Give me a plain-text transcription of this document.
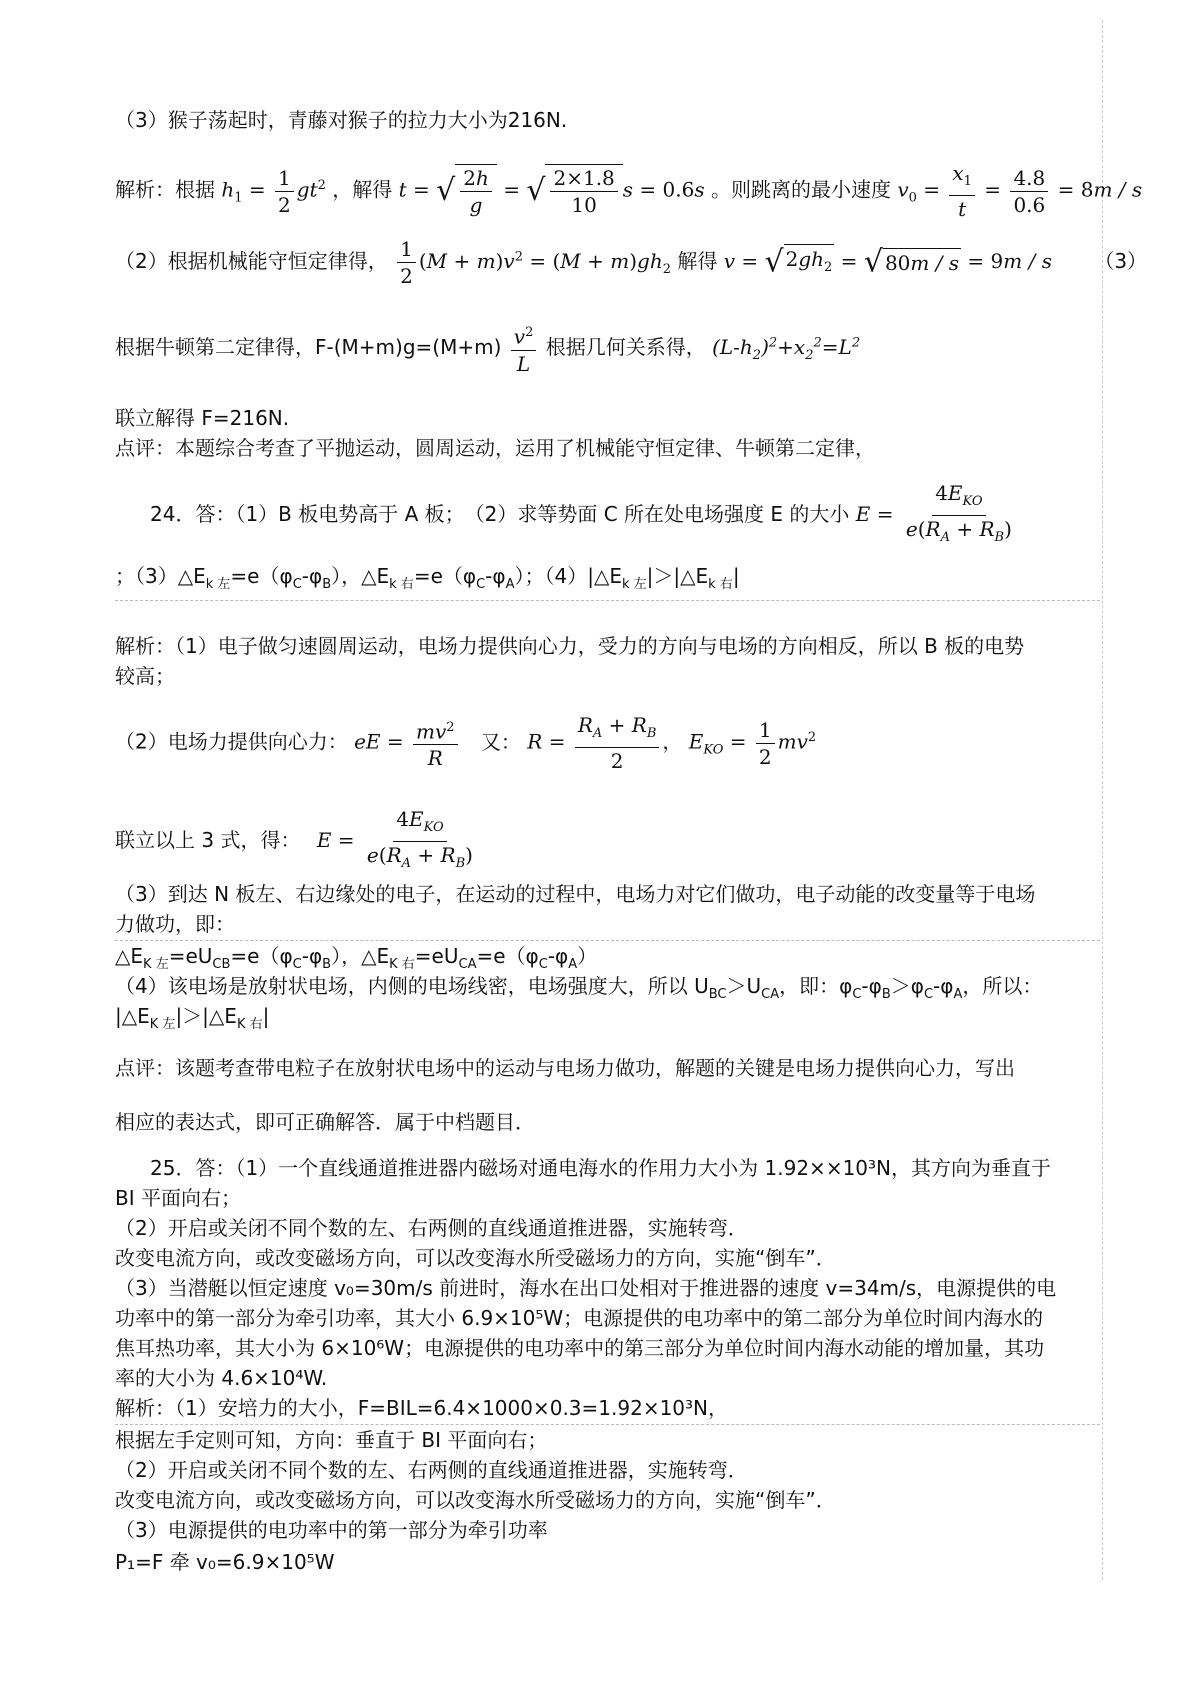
（3）猴子荡起时，青藤对猴子的拉力大小为216N.
解析：根据 $h_1 = \frac{1}{2} gt^2$ ，解得 t = √ $\frac{2h}{g}$ = √ $\frac{2\times 1.8}{10}$ s = 0.6s 。则跳离的最小速度 $v_0 = \frac{x_1}{t} = \frac{4.8}{0.6} = 8m / s$
（2）根据机械能守恒定律得， $\frac{1}{2} (M + m)v^2 = (M + m)gh_2$ 解得 v = √ $2gh_2$ = √ 80m / s = 9m / s （3）
根据牛顿第二定律得，$F-(M+m)g=(M+m) \frac{v^2}{L}$ 根据几何关系得， $(L-h_2)^2+x_2^2=L^2$
联立解得 F=216N.
点评：本题综合考查了平抛运动，圆周运动，运用了机械能守恒定律、牛顿第二定律，
24．答：（1）B 板电势高于 A 板；　（2）求等势面 C 所在处电场强度 E 的大小 E =
$4E_{KO}$
$e(R_A + R_B)$
；$(3)\triangle E_{k 左}=e(\varphi_C-\varphi_B)$，$\triangle E_{k 右}=e(\varphi_C-\varphi_A)$；$(4)|\triangle E_{k 左}|>|\triangle E_{k 右}|$
解析：（1）电子做匀速圆周运动，电场力提供向心力，受力的方向与电场的方向相反，所以 B 板的电势
较高；
（2）电场力提供向心力： eE = $\frac{mv^2}{R}$ 又： $R = \frac{R_A + R_B}{2}$ ， $E_{KO} = \frac{1}{2} mv^2$
联立以上 3 式，得： E =
$4E_{KO}$
$e(R_A + R_B)$
（3）到达 N 板左、右边缘处的电子，在运动的过程中，电场力对它们做功，电子动能的改变量等于电场
力做功，即：
$\triangle E_{K 左}=eU_{CB}=e(\varphi_C-\varphi_B)$，$\triangle E_{K 右}=eU_{CA}=e(\varphi_C-\varphi_A)$
（4）该电场是放射状电场，内侧的电场线密，电场强度大，所以 $U_{BC}>U_{CA}$，即：$\varphi_C-\varphi_B>\varphi_C-\varphi_A$，所以：
$|\triangle E_{K 左}|>|\triangle E_{K 右}|$
点评：该题考查带电粒子在放射状电场中的运动与电场力做功，解题的关键是电场力提供向心力，写出
相应的表达式，即可正确解答．属于中档题目．
25．答：（1）一个直线通道推进器内磁场对通电海水的作用力大小为 1.92××10³N，其方向为垂直于
BI 平面向右；
（2）开启或关闭不同个数的左、右两侧的直线通道推进器，实施转弯．
改变电流方向，或改变磁场方向，可以改变海水所受磁场力的方向，实施“倒车”．
（3）当潜艇以恒定速度 v₀=30m/s 前进时，海水在出口处相对于推进器的速度 v=34m/s，电源提供的电
功率中的第一部分为牵引功率，其大小 6.9×10⁵W；电源提供的电功率中的第二部分为单位时间内海水的
焦耳热功率，其大小为 6×10⁶W；电源提供的电功率中的第三部分为单位时间内海水动能的增加量，其功
率的大小为 4.6×10⁴W.
解析：（1）安培力的大小，F=BIL=6.4×1000×0.3=1.92×10³N，
根据左手定则可知，方向：垂直于 BI 平面向右；
（2）开启或关闭不同个数的左、右两侧的直线通道推进器，实施转弯．
改变电流方向，或改变磁场方向，可以改变海水所受磁场力的方向，实施“倒车”．
（3）电源提供的电功率中的第一部分为牵引功率
P₁=F 牵 v₀=6.9×10⁵W
